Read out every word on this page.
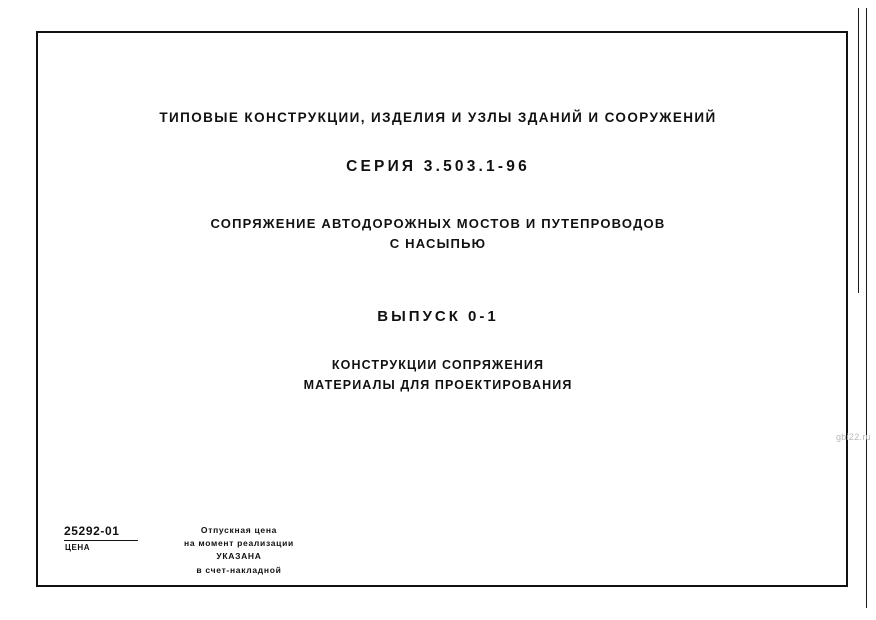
ТИПОВЫЕ КОНСТРУКЦИИ, ИЗДЕЛИЯ И УЗЛЫ ЗДАНИЙ И СООРУЖЕНИЙ
СЕРИЯ 3.503.1-96
СОПРЯЖЕНИЕ АВТОДОРОЖНЫХ МОСТОВ И ПУТЕПРОВОДОВ
С НАСЫПЬЮ
ВЫПУСК 0-1
КОНСТРУКЦИИ СОПРЯЖЕНИЯ
МАТЕРИАЛЫ ДЛЯ ПРОЕКТИРОВАНИЯ
gbi22.ru
25292-01
ЦЕНА
Отпускная цена
на момент реализации
УКАЗАНА
в счет-накладной
